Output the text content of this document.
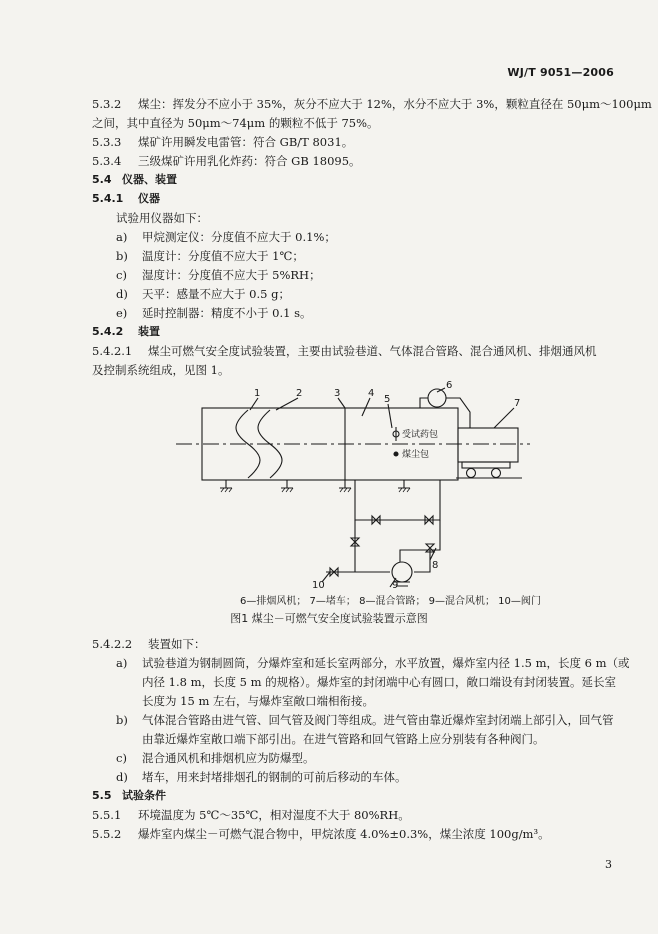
WJ/T 9051—2006
5.3.2 煤尘：挥发分不应小于 35%，灰分不应大于 12%，水分不应大于 3%，颗粒直径在 50μm～100μm
之间，其中直径为 50μm～74μm 的颗粒不低于 75%。
5.3.3 煤矿许用瞬发电雷管：符合 GB/T 8031。
5.3.4 三级煤矿许用乳化炸药：符合 GB 18095。
5.4 仪器、装置
5.4.1 仪器
试验用仪器如下：
a) 甲烷测定仪：分度值不应大于 0.1%；
b) 温度计：分度值不应大于 1℃；
c) 湿度计：分度值不应大于 5%RH；
d) 天平：感量不应大于 0.5 g；
e) 延时控制器：精度不小于 0.1 s。
5.4.2 装置
5.4.2.1 煤尘可燃气安全度试验装置，主要由试验巷道、气体混合管路、混合通风机、排烟通风机
及控制系统组成，见图 1。
1	2	3	4
5
6
7
8
9
10
受试药包
煤尘包
6—排烟风机； 7—堵车； 8—混合管路； 9—混合风机； 10—阀门
图1 煤尘－可燃气安全度试验装置示意图
5.4.2.2 装置如下：
a) 试验巷道为钢制圆筒，分爆炸室和延长室两部分，水平放置，爆炸室内径 1.5 m，长度 6 m（或
内径 1.8 m，长度 5 m 的规格）。爆炸室的封闭端中心有圆口，敞口端设有封闭装置。延长室
长度为 15 m 左右，与爆炸室敞口端相衔接。
b) 气体混合管路由进气管、回气管及阀门等组成。进气管由靠近爆炸室封闭端上部引入，回气管
由靠近爆炸室敞口端下部引出。在进气管路和回气管路上应分别装有各种阀门。
c) 混合通风机和排烟机应为防爆型。
d) 堵车，用来封堵排烟孔的钢制的可前后移动的车体。
5.5 试验条件
5.5.1 环境温度为 5℃～35℃，相对湿度不大于 80%RH。
5.5.2 爆炸室内煤尘－可燃气混合物中，甲烷浓度 4.0%±0.3%，煤尘浓度 100g/m³。
3
